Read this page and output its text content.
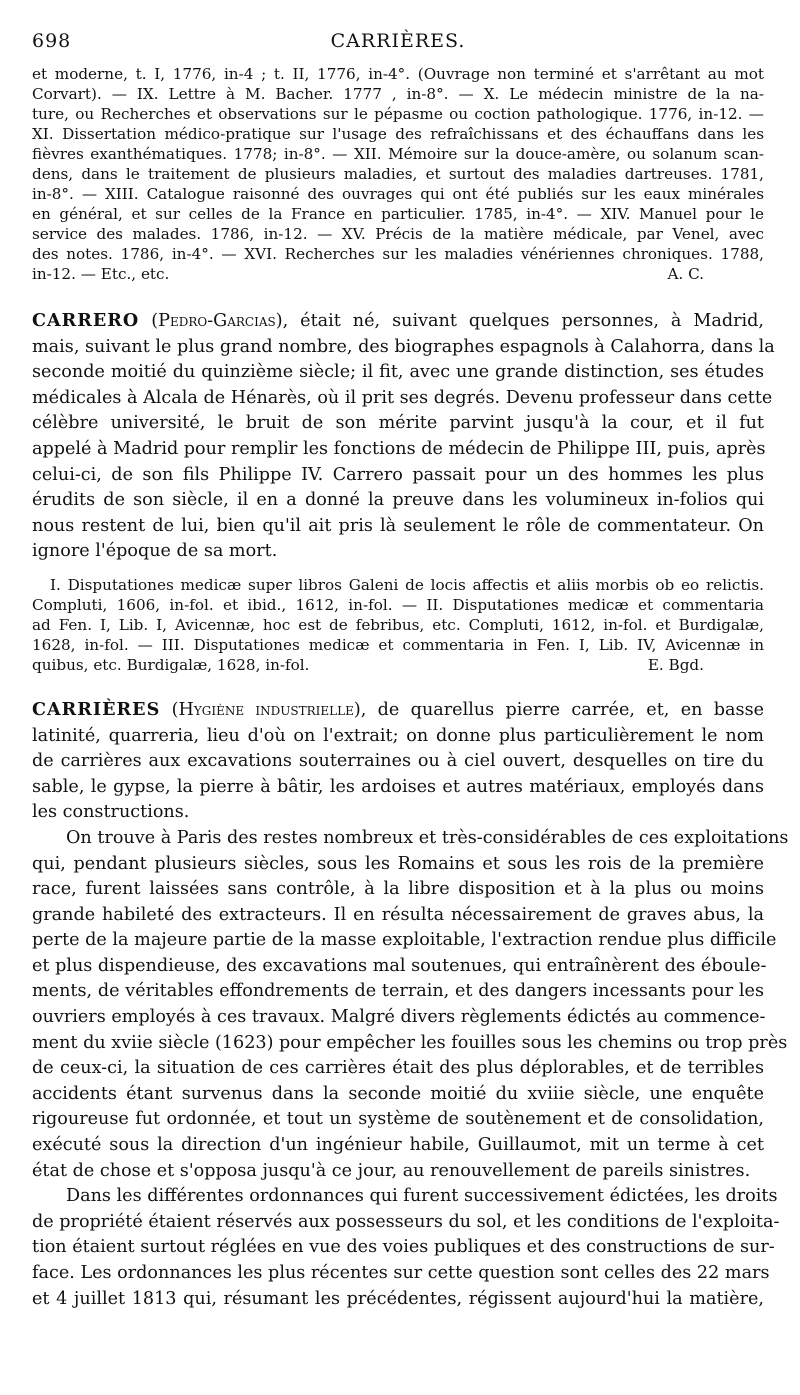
698	CARRIÈRES.
et moderne, t. I, 1776, in-4 ; t. II, 1776, in-4°. (Ouvrage non terminé et s'arrêtant au mot
Corvart). — IX. Lettre à M. Bacher. 1777 , in-8°. — X. Le médecin ministre de la na-
ture, ou Recherches et observations sur le pépasme ou coction pathologique. 1776, in-12. —
XI. Dissertation médico-pratique sur l'usage des refraîchissans et des échauffans dans les
fièvres exanthématiques. 1778; in-8°. — XII. Mémoire sur la douce-amère, ou solanum scan-
dens, dans le traitement de plusieurs maladies, et surtout des maladies dartreuses. 1781,
in-8°. — XIII. Catalogue raisonné des ouvrages qui ont été publiés sur les eaux minérales
en général, et sur celles de la France en particulier. 1785, in-4°. — XIV. Manuel pour le
service des malades. 1786, in-12. — XV. Précis de la matière médicale, par Venel, avec
des notes. 1786, in-4°. — XVI. Recherches sur les maladies vénériennes chroniques. 1788,
in-12. — Etc., etc.	A. C.
CARRERO (Pedro-Garcias), était né, suivant quelques personnes, à Madrid,
mais, suivant le plus grand nombre, des biographes espagnols à Calahorra, dans la
seconde moitié du quinzième siècle; il fit, avec une grande distinction, ses études
médicales à Alcala de Hénarès, où il prit ses degrés. Devenu professeur dans cette
célèbre université, le bruit de son mérite parvint jusqu'à la cour, et il fut
appelé à Madrid pour remplir les fonctions de médecin de Philippe III, puis, après
celui-ci, de son fils Philippe IV. Carrero passait pour un des hommes les plus
érudits de son siècle, il en a donné la preuve dans les volumineux in-folios qui
nous restent de lui, bien qu'il ait pris là seulement le rôle de commentateur. On
ignore l'époque de sa mort.
I. Disputationes medicæ super libros Galeni de locis affectis et aliis morbis ob eo relictis.
Compluti, 1606, in-fol. et ibid., 1612, in-fol. — II. Disputationes medicæ et commentaria
ad Fen. I, Lib. I, Avicennæ, hoc est de febribus, etc. Compluti, 1612, in-fol. et Burdigalæ,
1628, in-fol. — III. Disputationes medicæ et commentaria in Fen. I, Lib. IV, Avicennæ in
quibus, etc. Burdigalæ, 1628, in-fol.	E. Bgd.
CARRIÈRES (Hygiène industrielle), de quarellus pierre carrée, et, en basse
latinité, quarreria, lieu d'où on l'extrait; on donne plus particulièrement le nom
de carrières aux excavations souterraines ou à ciel ouvert, desquelles on tire du
sable, le gypse, la pierre à bâtir, les ardoises et autres matériaux, employés dans
les constructions.
On trouve à Paris des restes nombreux et très-considérables de ces exploitations
qui, pendant plusieurs siècles, sous les Romains et sous les rois de la première
race, furent laissées sans contrôle, à la libre disposition et à la plus ou moins
grande habileté des extracteurs. Il en résulta nécessairement de graves abus, la
perte de la majeure partie de la masse exploitable, l'extraction rendue plus difficile
et plus dispendieuse, des excavations mal soutenues, qui entraînèrent des éboule-
ments, de véritables effondrements de terrain, et des dangers incessants pour les
ouvriers employés à ces travaux. Malgré divers règlements édictés au commence-
ment du xviie siècle (1623) pour empêcher les fouilles sous les chemins ou trop près
de ceux-ci, la situation de ces carrières était des plus déplorables, et de terribles
accidents étant survenus dans la seconde moitié du xviiie siècle, une enquête
rigoureuse fut ordonnée, et tout un système de soutènement et de consolidation,
exécuté sous la direction d'un ingénieur habile, Guillaumot, mit un terme à cet
état de chose et s'opposa jusqu'à ce jour, au renouvellement de pareils sinistres.
Dans les différentes ordonnances qui furent successivement édictées, les droits
de propriété étaient réservés aux possesseurs du sol, et les conditions de l'exploita-
tion étaient surtout réglées en vue des voies publiques et des constructions de sur-
face. Les ordonnances les plus récentes sur cette question sont celles des 22 mars
et 4 juillet 1813 qui, résumant les précédentes, régissent aujourd'hui la matière,
